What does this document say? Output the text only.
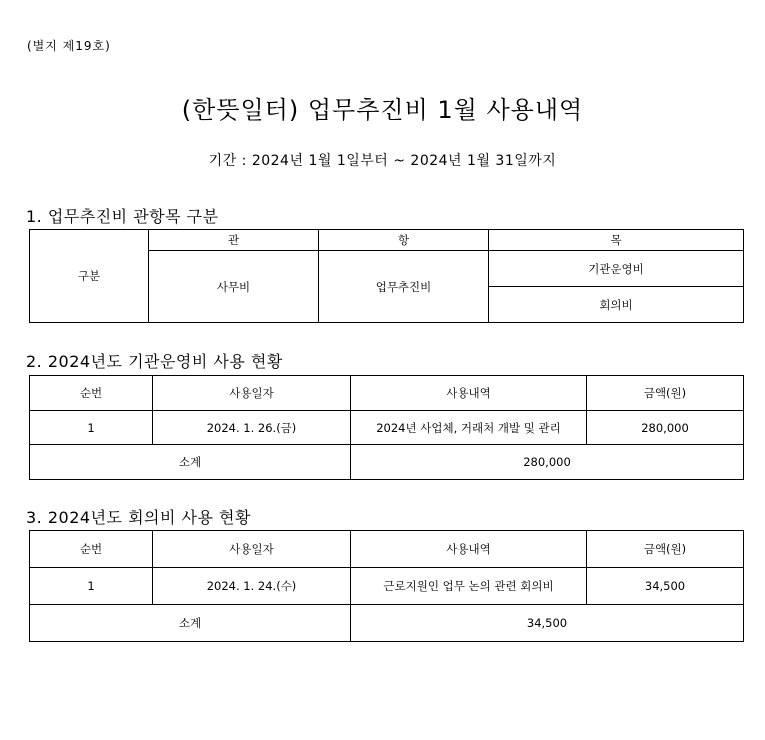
(별지 제19호)
(한뜻일터) 업무추진비 1월 사용내역
기간 : 2024년 1월 1일부터 ~ 2024년 1월 31일까지
1. 업무추진비 관항목 구분
구분	관	항	목
	사무비	업무추진비	기관운영비
			회의비
2. 2024년도 기관운영비 사용 현황
순번	사용일자	사용내역	금액(원)
1	2024. 1. 26.(금)	2024년 사업체, 거래처 개발 및 관리	280,000
소계		280,000	
3. 2024년도 회의비 사용 현황
순번	사용일자	사용내역	금액(원)
1	2024. 1. 24.(수)	근로지원인 업무 논의 관련 회의비	34,500
소계		34,500	
